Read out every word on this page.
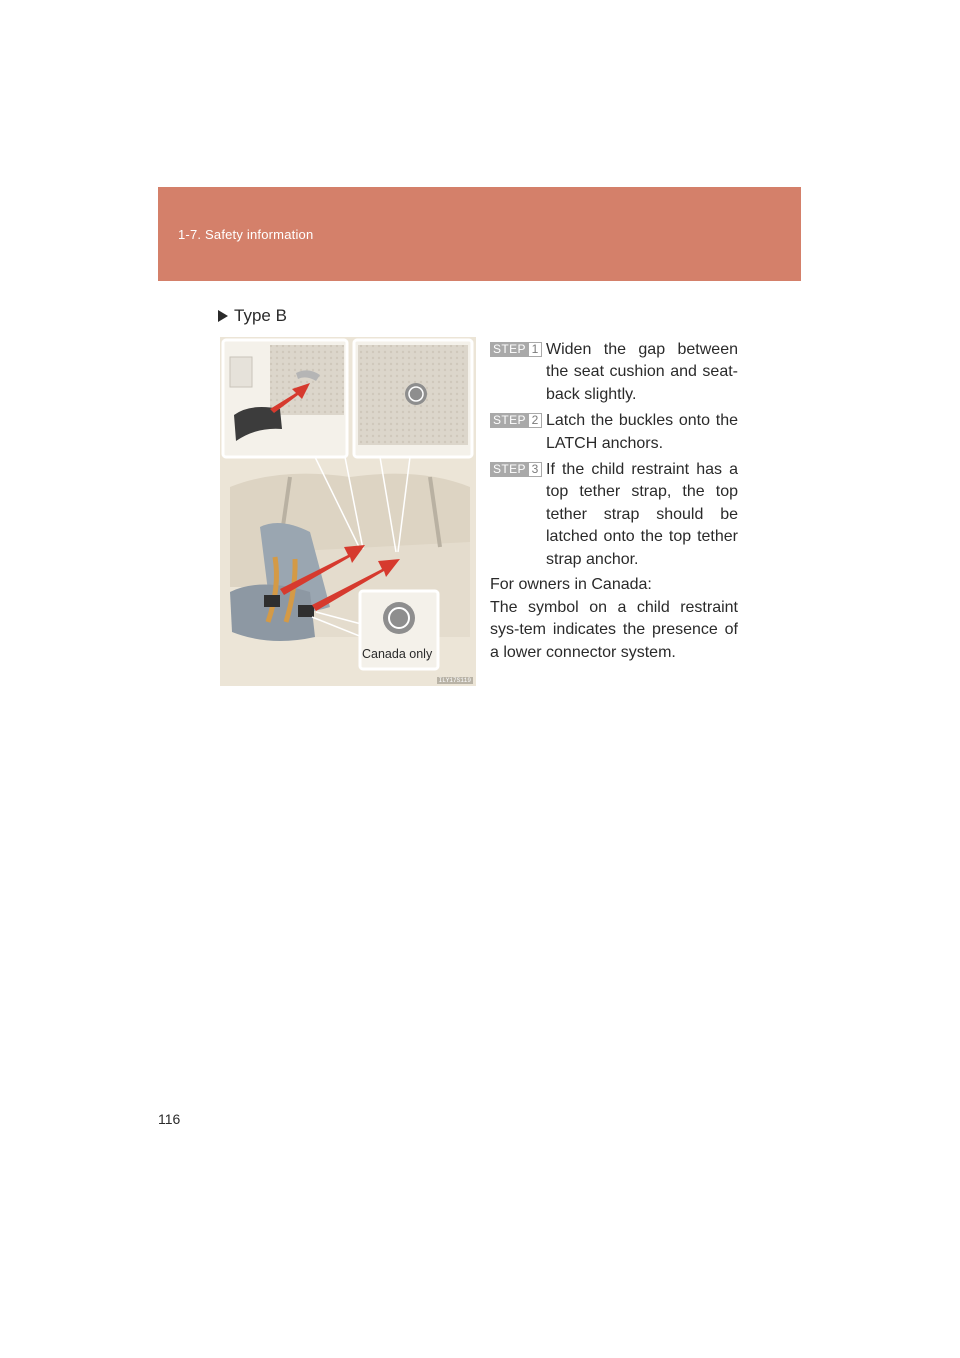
1-7. Safety information
Type B
Canada only
ILY17S119
STEP 1 Widen the gap between the seat cushion and seat-back slightly.
STEP 2 Latch the buckles onto the LATCH anchors.
STEP 3 If the child restraint has a top tether strap, the top tether strap should be latched onto the top tether strap anchor.

For owners in Canada:

The symbol on a child restraint sys-tem indicates the presence of a lower connector system.

116
